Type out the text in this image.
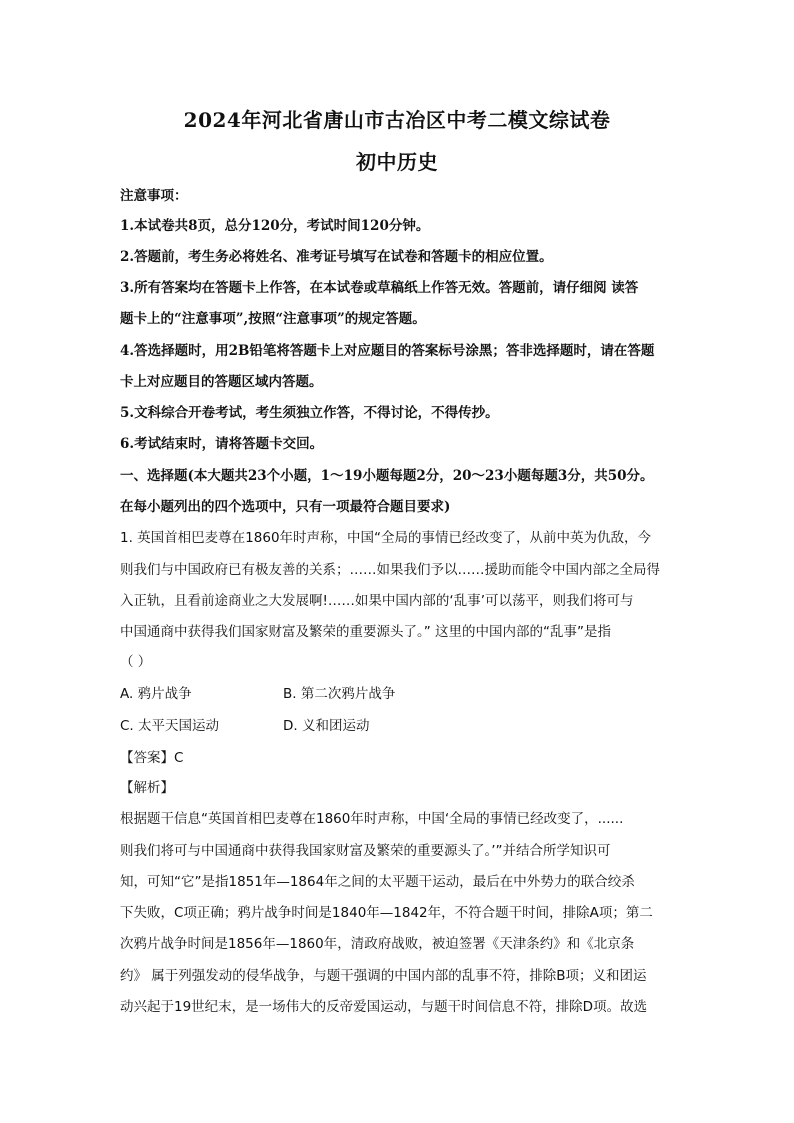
2024年河北省唐山市古冶区中考二模文综试卷
初中历史
注意事项：
1.本试卷共8页，总分120分，考试时间120分钟。
2.答题前，考生务必将姓名、准考证号填写在试卷和答题卡的相应位置。
3.所有答案均在答题卡上作答，在本试卷或草稿纸上作答无效。答题前，请仔细阅 读答
题卡上的“注意事项”,按照“注意事项”的规定答题。
4.答选择题时，用2B铅笔将答题卡上对应题目的答案标号涂黑；答非选择题时，请在答题
卡上对应题目的答题区域内答题。
5.文科综合开卷考试，考生须独立作答，不得讨论，不得传抄。
6.考试结束时，请将答题卡交回。
一、选择题(本大题共23个小题，1～19小题每题2分，20～23小题每题3分，共50分。
在每小题列出的四个选项中，只有一项最符合题目要求)
1. 英国首相巴麦尊在1860年时声称，中国“全局的事情已经改变了，从前中英为仇敌，今
则我们与中国政府已有极友善的关系；……如果我们予以……援助而能令中国内部之全局得
入正轨，且看前途商业之大发展啊!……如果中国内部的‘乱事’可以荡平，则我们将可与
中国通商中获得我们国家财富及繁荣的重要源头了。” 这里的中国内部的“乱事”是指
（ ）
A. 鸦片战争	B. 第二次鸦片战争
C. 太平天国运动	D. 义和团运动
【答案】C
【解析】
根据题干信息“英国首相巴麦尊在1860年时声称，中国‘全局的事情已经改变了，......
则我们将可与中国通商中获得我国家财富及繁荣的重要源头了。’”并结合所学知识可
知，可知“它”是指1851年—1864年之间的太平题干运动，最后在中外势力的联合绞杀
下失败，C项正确；鸦片战争时间是1840年—1842年，不符合题干时间，排除A项；第二
次鸦片战争时间是1856年—1860年，清政府战败，被迫签署《天津条约》和《北京条
约》 属于列强发动的侵华战争，与题干强调的中国内部的乱事不符，排除B项；义和团运
动兴起于19世纪末，是一场伟大的反帝爱国运动，与题干时间信息不符，排除D项。故选
